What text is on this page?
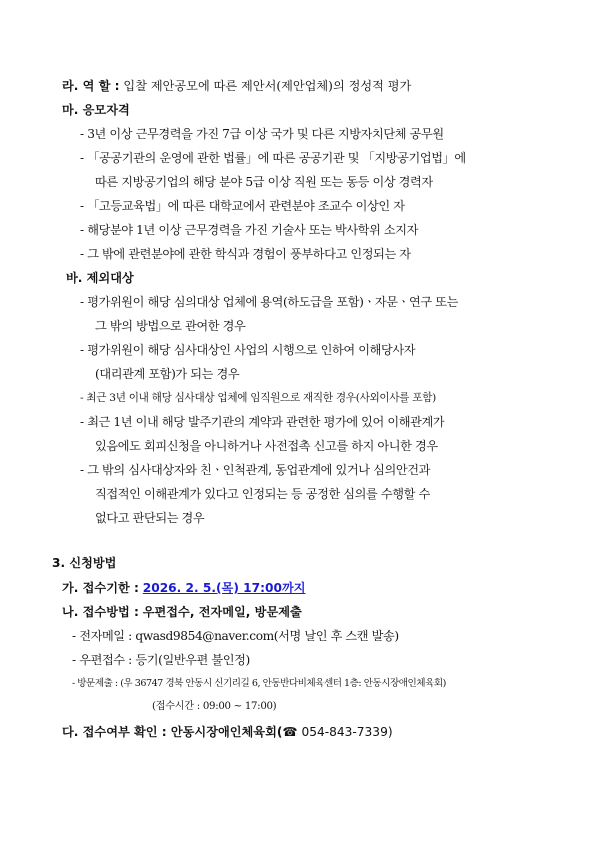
라. 역 할 : 입찰 제안공모에 따른 제안서(제안업체)의 정성적 평가
마. 응모자격
- 3년 이상 근무경력을 가진 7급 이상 국가 및 다른 지방자치단체 공무원
- 「공공기관의 운영에 관한 법률」에 따른 공공기관 및 「지방공기업법」에
따른 지방공기업의 해당 분야 5급 이상 직원 또는 동등 이상 경력자
- 「고등교육법」에 따른 대학교에서 관련분야 조교수 이상인 자
- 해당분야 1년 이상 근무경력을 가진 기술사 또는 박사학위 소지자
- 그 밖에 관련분야에 관한 학식과 경험이 풍부하다고 인정되는 자
바. 제외대상
- 평가위원이 해당 심의대상 업체에 용역(하도급을 포함)ㆍ자문ㆍ연구 또는
그 밖의 방법으로 관여한 경우
- 평가위원이 해당 심사대상인 사업의 시행으로 인하여 이해당사자
(대리관계 포함)가 되는 경우
- 최근 3년 이내 해당 심사대상 업체에 임직원으로 재직한 경우(사외이사를 포함)
- 최근 1년 이내 해당 발주기관의 계약과 관련한 평가에 있어 이해관계가
있음에도 회피신청을 아니하거나 사전접촉 신고를 하지 아니한 경우
- 그 밖의 심사대상자와 친ㆍ인척관계, 동업관계에 있거나 심의안건과
직접적인 이해관계가 있다고 인정되는 등 공정한 심의를 수행할 수
없다고 판단되는 경우
3. 신청방법
가. 접수기한 : 2026. 2. 5.(목) 17:00까지
나. 접수방법 : 우편접수, 전자메일, 방문제출
- 전자메일 : qwasd9854@naver.com(서명 날인 후 스캔 발송)
- 우편접수 : 등기(일반우편 불인정)
- 방문제출 : (우 36747 경북 안동시 신기리길 6, 안동반다비체육센터 1층: 안동시장애인체육회)
(접수시간 : 09:00 ~ 17:00)
다. 접수여부 확인 : 안동시장애인체육회(☎ 054-843-7339)
